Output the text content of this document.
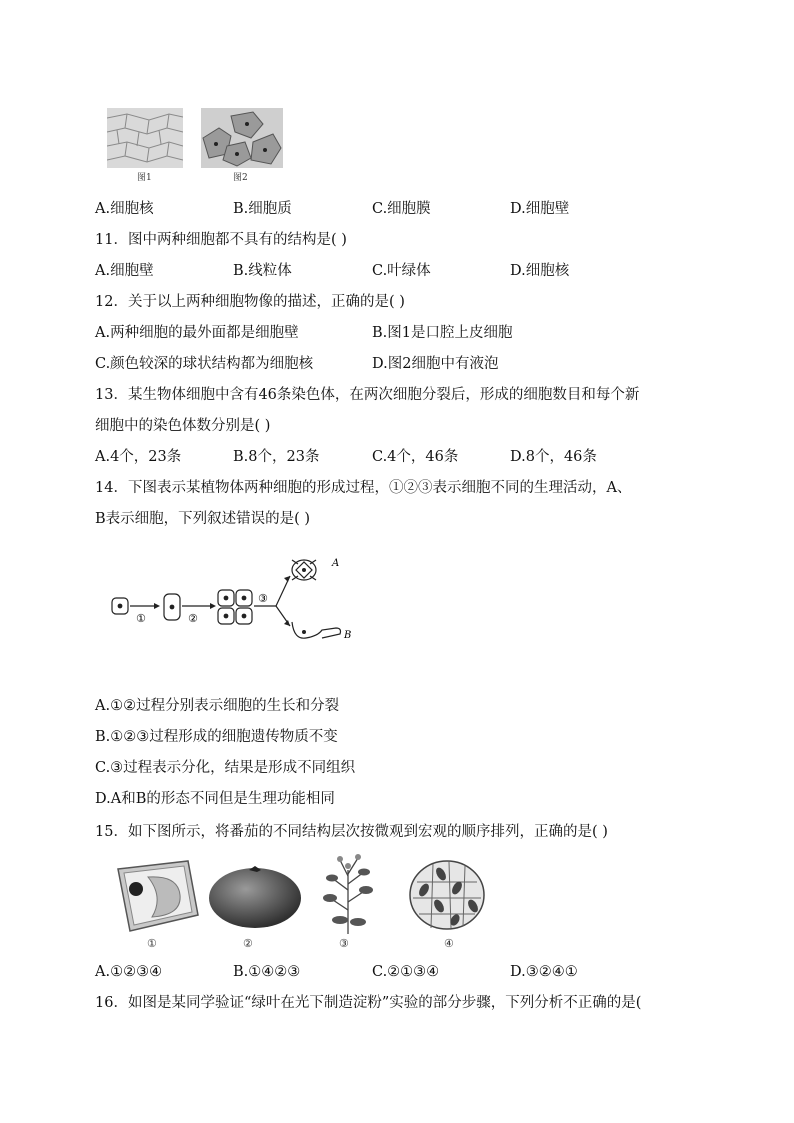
图1	图2
A.细胞核	B.细胞质	C.细胞膜	D.细胞壁
11．图中两种细胞都不具有的结构是( )
A.细胞壁	B.线粒体	C.叶绿体	D.细胞核
12．关于以上两种细胞物像的描述，正确的是( )
A.两种细胞的最外面都是细胞壁	B.图1是口腔上皮细胞
C.颜色较深的球状结构都为细胞核	D.图2细胞中有液泡
13．某生物体细胞中含有46条染色体，在两次细胞分裂后，形成的细胞数目和每个新
细胞中的染色体数分别是( )
A.4个，23条	B.8个，23条	C.4个，46条	D.8个，46条
14．下图表示某植物体两种细胞的形成过程，①②③表示细胞不同的生理活动，A、
B表示细胞，下列叙述错误的是( )
①	②
③
A
B
A.①②过程分别表示细胞的生长和分裂
B.①②③过程形成的细胞遗传物质不变
C.③过程表示分化，结果是形成不同组织
D.A和B的形态不同但是生理功能相同
15．如下图所示，将番茄的不同结构层次按微观到宏观的顺序排列，正确的是( )
①	②	③	④
A.①②③④	B.①④②③	C.②①③④	D.③②④①
16．如图是某同学验证“绿叶在光下制造淀粉”实验的部分步骤，下列分析不正确的是(
